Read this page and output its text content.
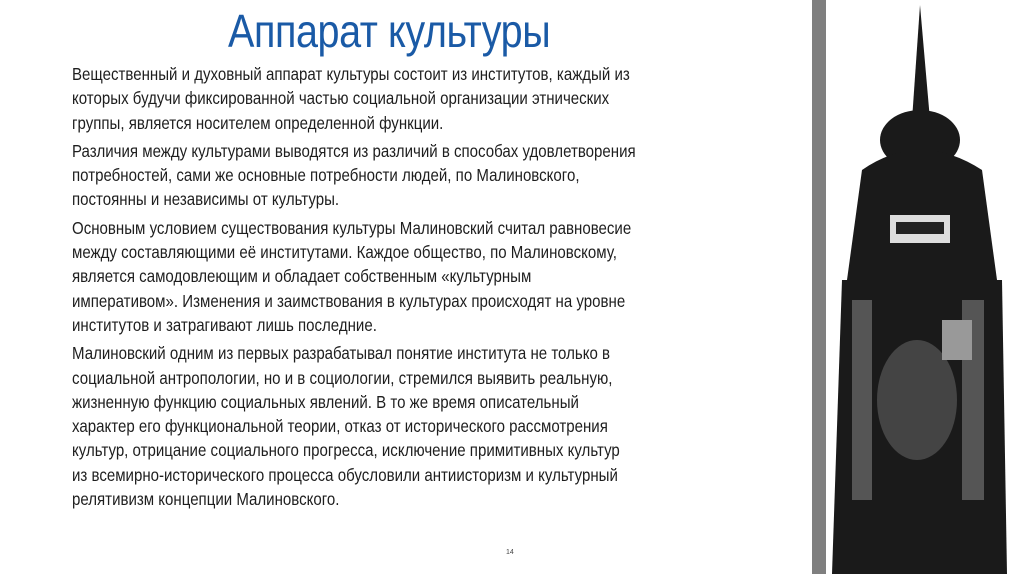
Аппарат культуры
Вещественный и духовный аппарат культуры состоит из институтов, каждый из
которых будучи фиксированной частью социальной организации этнических
группы, является носителем определенной функции.
Различия между культурами выводятся из различий в способах удовлетворения
потребностей, сами же основные потребности людей, по Малиновского,
постоянны и независимы от культуры.
Основным условием существования культуры Малиновский считал равновесие
между составляющими её институтами. Каждое общество, по Малиновскому,
является самодовлеющим и обладает собственным «культурным
императивом». Изменения и заимствования в культурах происходят на уровне
институтов и затрагивают лишь последние.
Малиновский одним из первых разрабатывал понятие института не только в
социальной антропологии, но и в социологии, стремился выявить реальную,
жизненную функцию социальных явлений. В то же время описательный
характер его функциональной теории, отказ от исторического рассмотрения
культур, отрицание социального прогресса, исключение примитивных культур
из всемирно-исторического процесса обусловили антиисторизм и культурный
релятивизм концепции Малиновского.
14
